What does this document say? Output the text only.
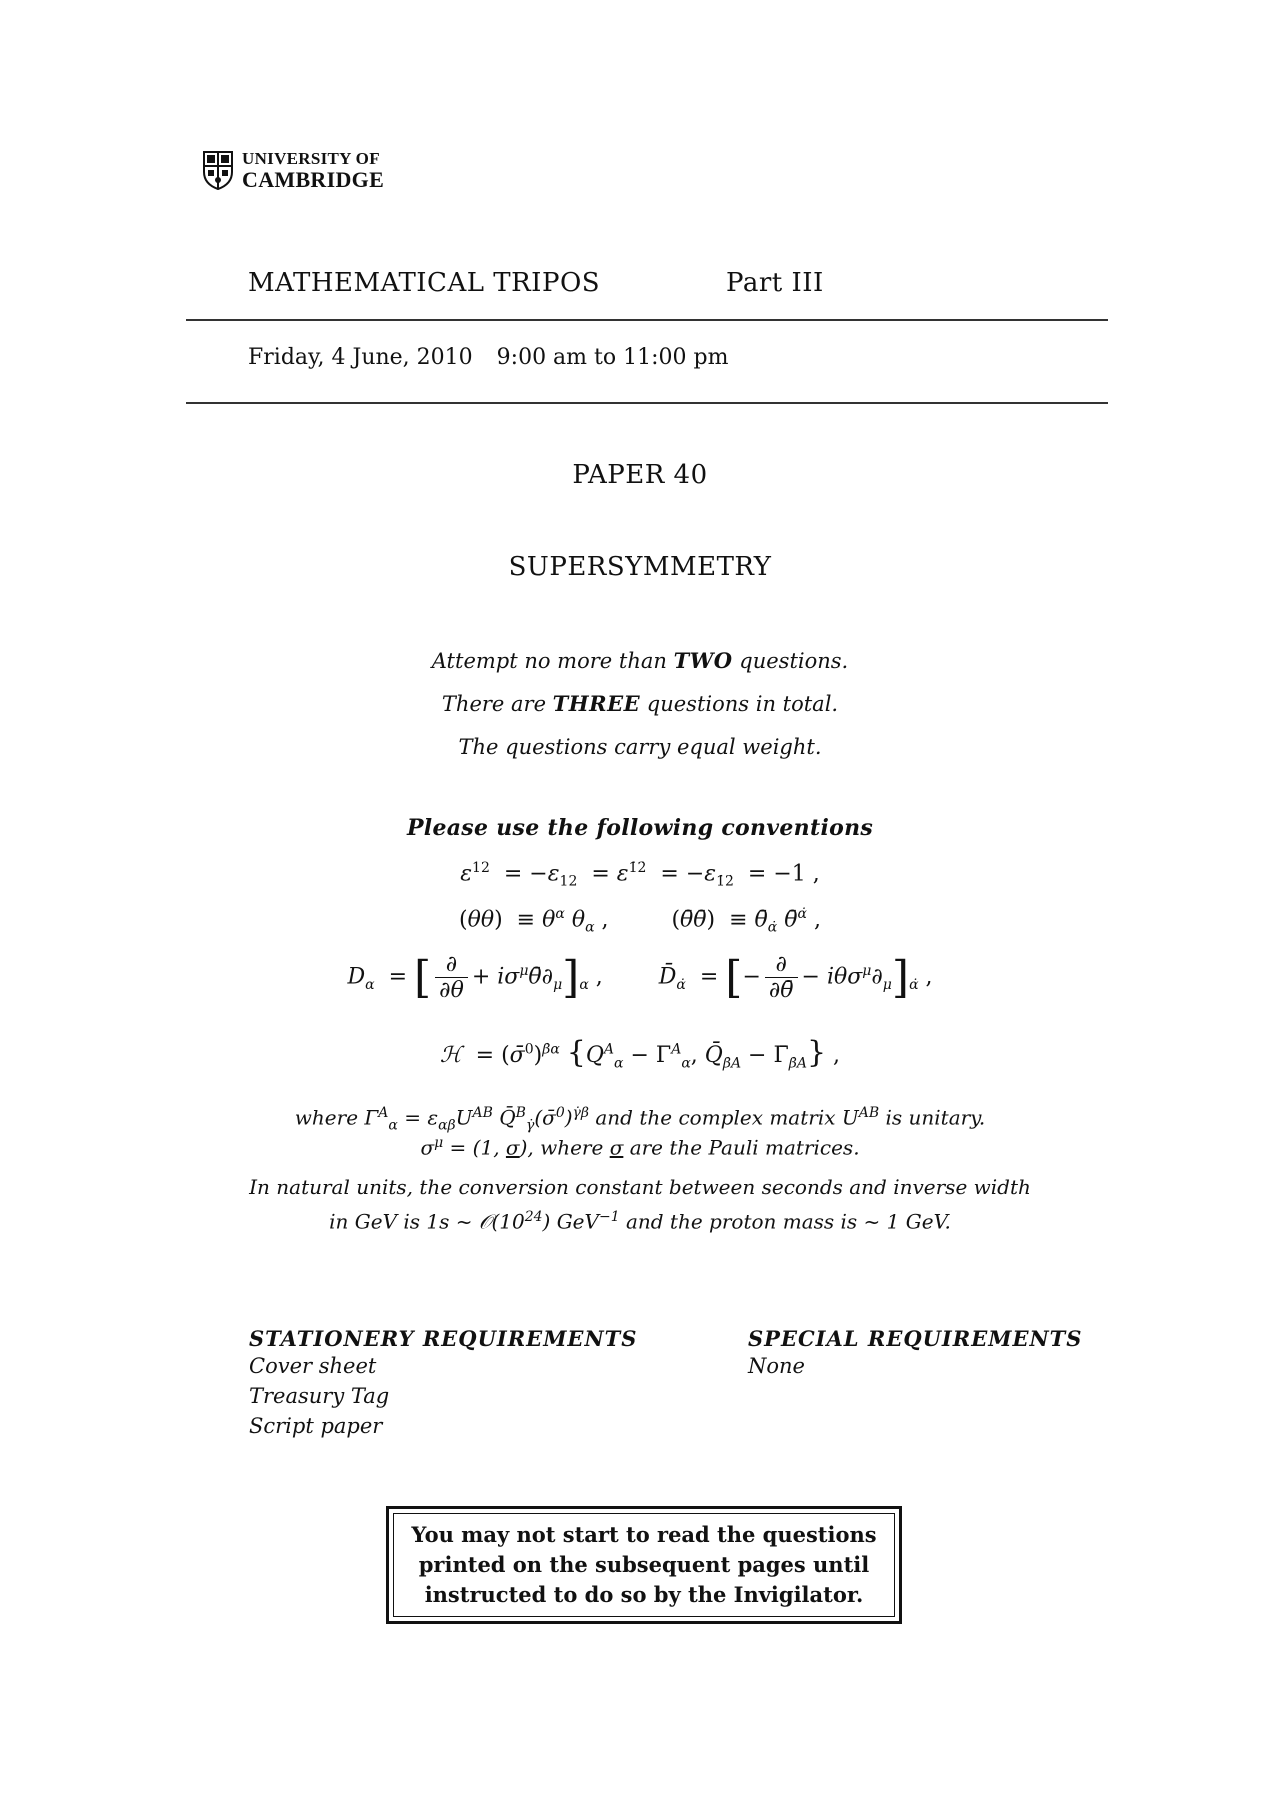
UNIVERSITY OF
CAMBRIDGE
MATHEMATICAL TRIPOS	Part III
Friday, 4 June, 2010 9:00 am to 11:00 pm
PAPER 40
SUPERSYMMETRY
Attempt no more than TWO questions.
There are THREE questions in total.
The questions carry equal weight.
Please use the following conventions
$\varepsilon^{12} = -\varepsilon_{12} = \varepsilon^{1̇2̇} = -\varepsilon_{1̇2̇} = -1$ ,
$(\theta\theta) \equiv \theta^\alpha$ $\theta_\alpha$ ,         (θ̄θ̄)  ≡ $\thetā_{\alphȧ}$ θ̄$^{\alphȧ}$ ,
$D_\alpha$  = [ $\frac{\partial}{\partial\theta}$ + $i\sigma^\mu\thetā\partial_\mu]_\alpha$ ,        $D̄_{\alphȧ}$  = [− $\frac{\partial}{\partial\thetā} - i\theta\sigma^\mu\partial_\mu]_{\alphȧ}$ ,
ℋ  = (σ̄$^0$)$^{\betȧ\alpha}$ {$Q^A_\alpha - \Gamma^A_\alpha$, $Q̄_{\betȧA}$ − $\Gammā_{\betȧA}$} ,
where $\Gamma^A_\alpha = \varepsilon_{\alpha\beta}U^{AB}$ Q̄$^B_{\gammȧ}$(σ̄$^0$)$^{\gammȧ\beta}$ and the complex matrix $U^{AB}$ is unitary.
$\sigma^\mu = (1$, σ), where σ are the Pauli matrices.
In natural units, the conversion constant between seconds and inverse width
in GeV is 1s ~ $𝒪(10^{24})$ GeV$^{-1}$ and the proton mass is ~ 1 GeV.
STATIONERY REQUIREMENTS
Cover sheet
Treasury Tag
Script paper
SPECIAL REQUIREMENTS
None
You may not start to read the questions
printed on the subsequent pages until
instructed to do so by the Invigilator.
